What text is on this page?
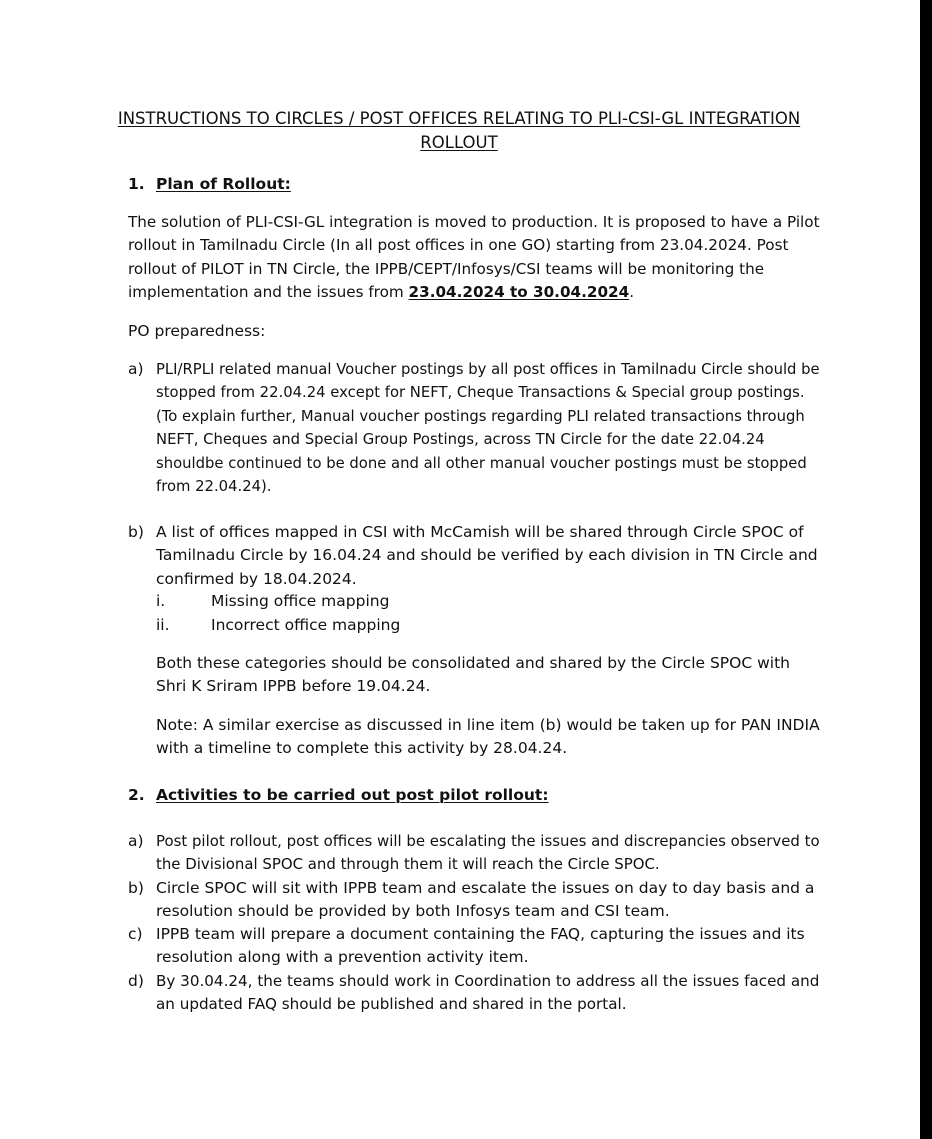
INSTRUCTIONS TO CIRCLES / POST OFFICES RELATING TO PLI-CSI-GL INTEGRATION
ROLLOUT
1. Plan of Rollout:

The solution of PLI-CSI-GL integration is moved to production. It is proposed to have a Pilot

rollout in Tamilnadu Circle (In all post offices in one GO) starting from 23.04.2024. Post

rollout of PILOT in TN Circle, the IPPB/CEPT/Infosys/CSI teams will be monitoring the

implementation and the issues from 23.04.2024 to 30.04.2024.

PO preparedness:
a) PLI/RPLI related manual Voucher postings by all post offices in Tamilnadu Circle should be

stopped from 22.04.24 except for NEFT, Cheque Transactions & Special group postings.

(To explain further, Manual voucher postings regarding PLI related transactions through

NEFT, Cheques and Special Group Postings, across TN Circle for the date 22.04.24

shouldbe continued to be done and all other manual voucher postings must be stopped

from 22.04.24).

b) A list of offices mapped in CSI with McCamish will be shared through Circle SPOC of

Tamilnadu Circle by 16.04.24 and should be verified by each division in TN Circle and

confirmed by 18.04.2024.

i.	Missing office mapping
ii.	Incorrect office mapping

Both these categories should be consolidated and shared by the Circle SPOC with

Shri K Sriram IPPB before 19.04.24.

Note: A similar exercise as discussed in line item (b) would be taken up for PAN INDIA

with a timeline to complete this activity by 28.04.24.

2. Activities to be carried out post pilot rollout:
a) Post pilot rollout, post offices will be escalating the issues and discrepancies observed to

the Divisional SPOC and through them it will reach the Circle SPOC.

b) Circle SPOC will sit with IPPB team and escalate the issues on day to day basis and a

resolution should be provided by both Infosys team and CSI team.

c) IPPB team will prepare a document containing the FAQ, capturing the issues and its

resolution along with a prevention activity item.

d) By 30.04.24, the teams should work in Coordination to address all the issues faced and

an updated FAQ should be published and shared in the portal.
